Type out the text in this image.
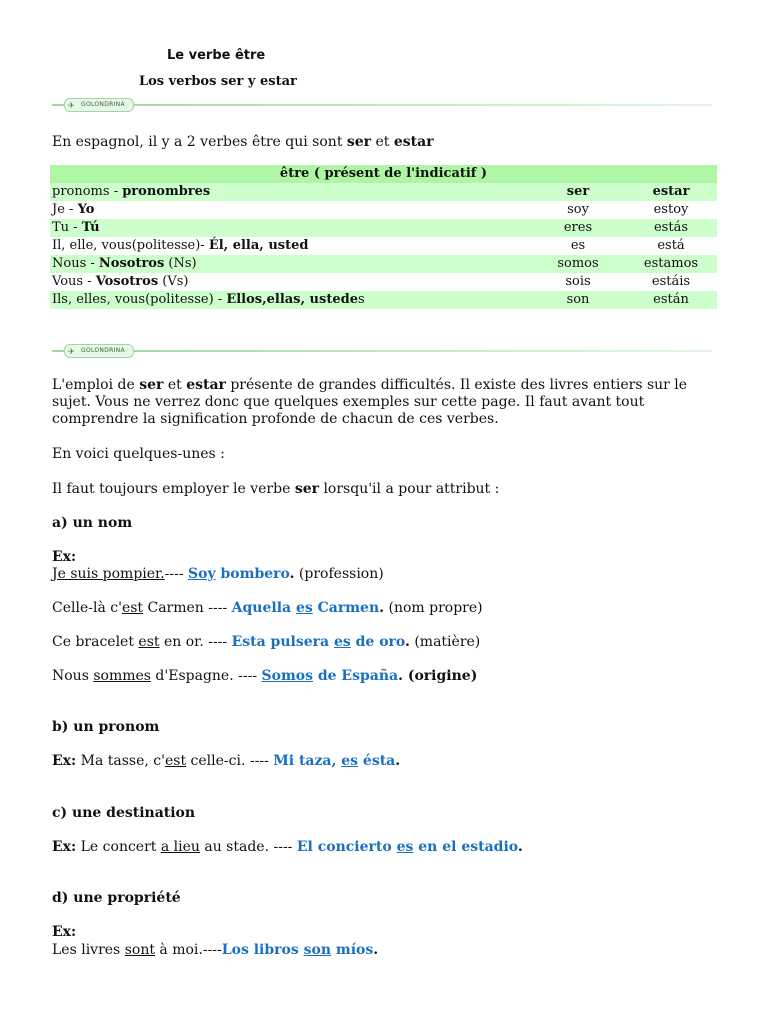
Le verbe être
Los verbos ser y estar
✈ GOLONDRINA
En espagnol, il y a 2 verbes être qui sont ser et estar
être ( présent de l'indicatif )		
pronoms - pronombres	ser	estar
Je - Yo	soy	estoy
Tu - Tú	eres	estás
Il, elle, vous(politesse)- Él, ella, usted	es	está
Nous - Nosotros (Ns)	somos	estamos
Vous - Vosotros (Vs)	sois	estáis
Ils, elles, vous(politesse) - Ellos,ellas, ustedes	son	están
✈ GOLONDRINA
L'emploi de ser et estar présente de grandes difficultés. Il existe des livres entiers sur le sujet. Vous ne verrez donc que quelques exemples sur cette page. Il faut avant tout comprendre la signification profonde de chacun de ces verbes.
En voici quelques-unes :
Il faut toujours employer le verbe ser lorsqu'il a pour attribut :
a) un nom
Ex:
Je suis pompier.---- Soy bombero. (profession)
Celle-là c'est Carmen ---- Aquella es Carmen. (nom propre)
Ce bracelet est en or. ---- Esta pulsera es de oro. (matière)
Nous sommes d'Espagne. ---- Somos de España. (origine)
b) un pronom
Ex: Ma tasse, c'est celle-ci. ---- Mi taza, es ésta.
c) une destination
Ex: Le concert a lieu au stade. ---- El concierto es en el estadio.
d) une propriété
Ex:
Les livres sont à moi.----Los libros son míos.
